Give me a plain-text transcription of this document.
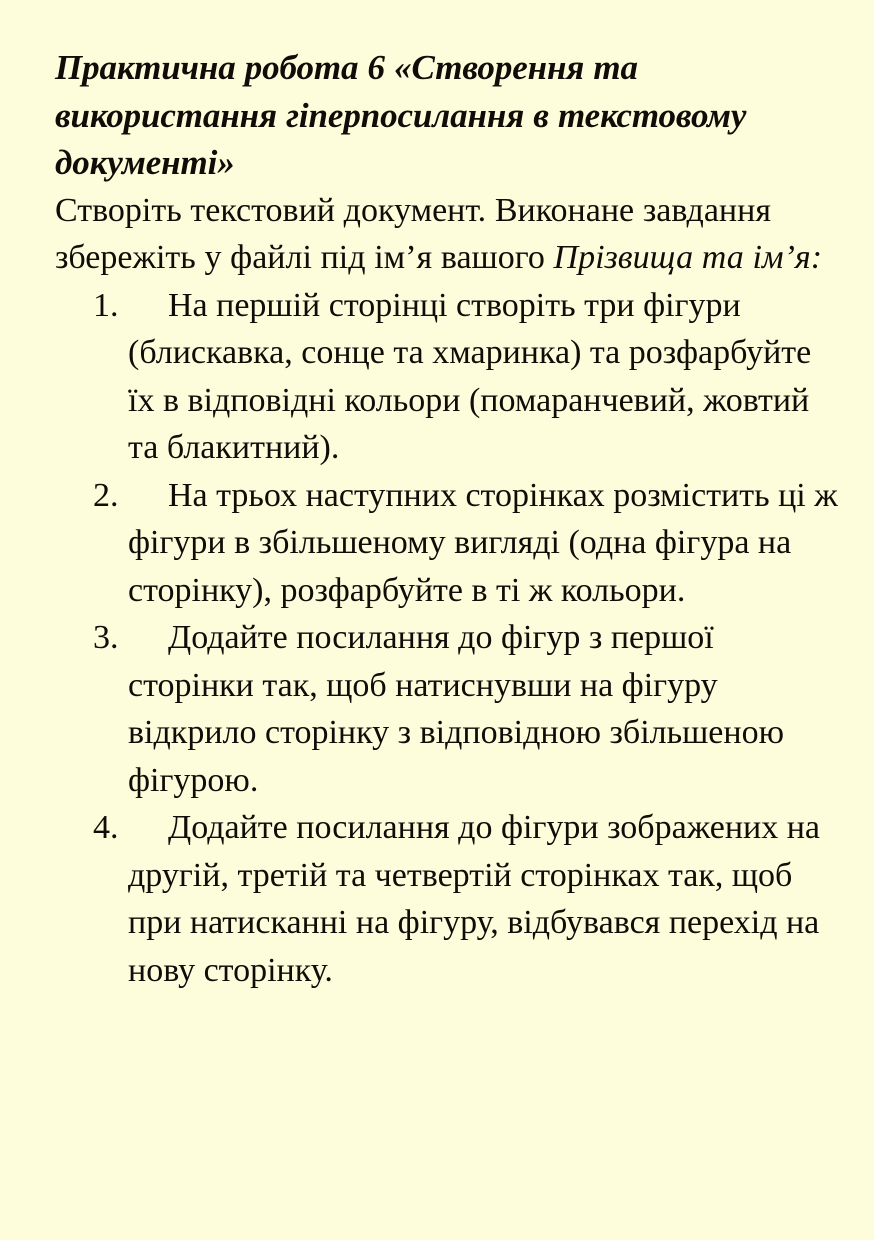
Практична робота 6 «Створення та використання гіперпосилання в текстовому документі»

Створіть текстовий документ. Виконане завдання збережіть у файлі під ім’я вашого Прізвища та ім’я:

1.	На першій сторінці створіть три фігури (блискавка, сонце та хмаринка) та розфарбуйте їх в відповідні кольори (помаранчевий, жовтий та блакитний).
2.	На трьох наступних сторінках розмістить ці ж фігури в збільшеному вигляді (одна фігура на сторінку), розфарбуйте в ті ж кольори.
3.	Додайте посилання до фігур з першої сторінки так, щоб натиснувши на фігуру відкрило сторінку з відповідною збільшеною фігурою.
4.	Додайте посилання до фігури зображених на другій, третій та четвертій сторінках так, щоб при натисканні на фігуру, відбувався перехід на нову сторінку.
